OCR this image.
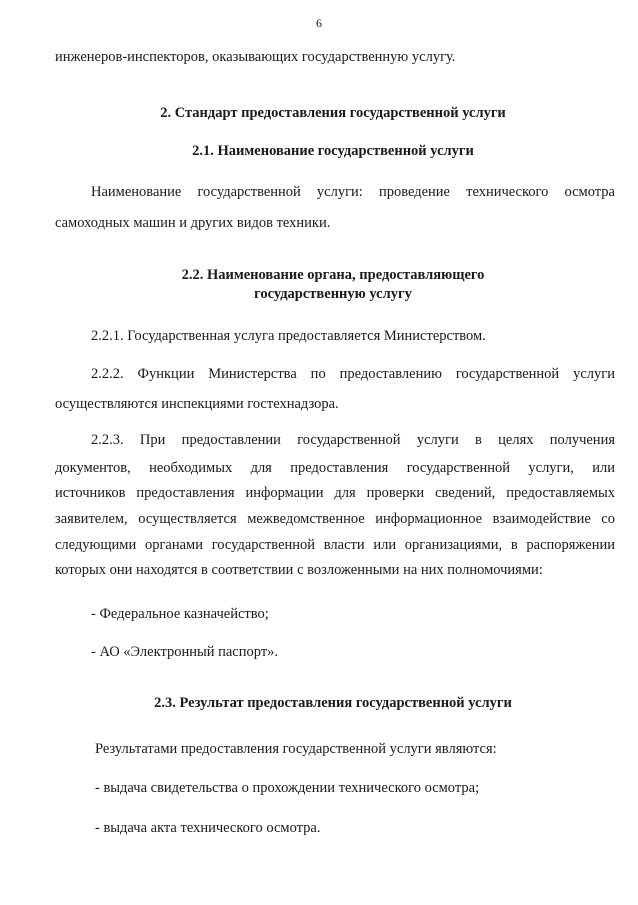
6
инженеров-инспекторов, оказывающих государственную услугу.
2. Стандарт предоставления государственной услуги
2.1. Наименование государственной услуги
Наименование государственной услуги: проведение технического осмотра
самоходных машин и других видов техники.
2.2. Наименование органа, предоставляющего
государственную услугу
2.2.1. Государственная услуга предоставляется Министерством.
2.2.2. Функции Министерства по предоставлению государственной услуги
осуществляются инспекциями гостехнадзора.
2.2.3. При предоставлении государственной услуги в целях получения
документов, необходимых для предоставления государственной услуги, или
источников предоставления информации для проверки сведений, предоставляемых
заявителем, осуществляется межведомственное информационное взаимодействие со
следующими органами государственной власти или организациями, в распоряжении
которых они находятся в соответствии с возложенными на них полномочиями:
- Федеральное казначейство;
- АО «Электронный паспорт».
2.3. Результат предоставления государственной услуги
Результатами предоставления государственной услуги являются:
- выдача свидетельства о прохождении технического осмотра;
- выдача акта технического осмотра.
